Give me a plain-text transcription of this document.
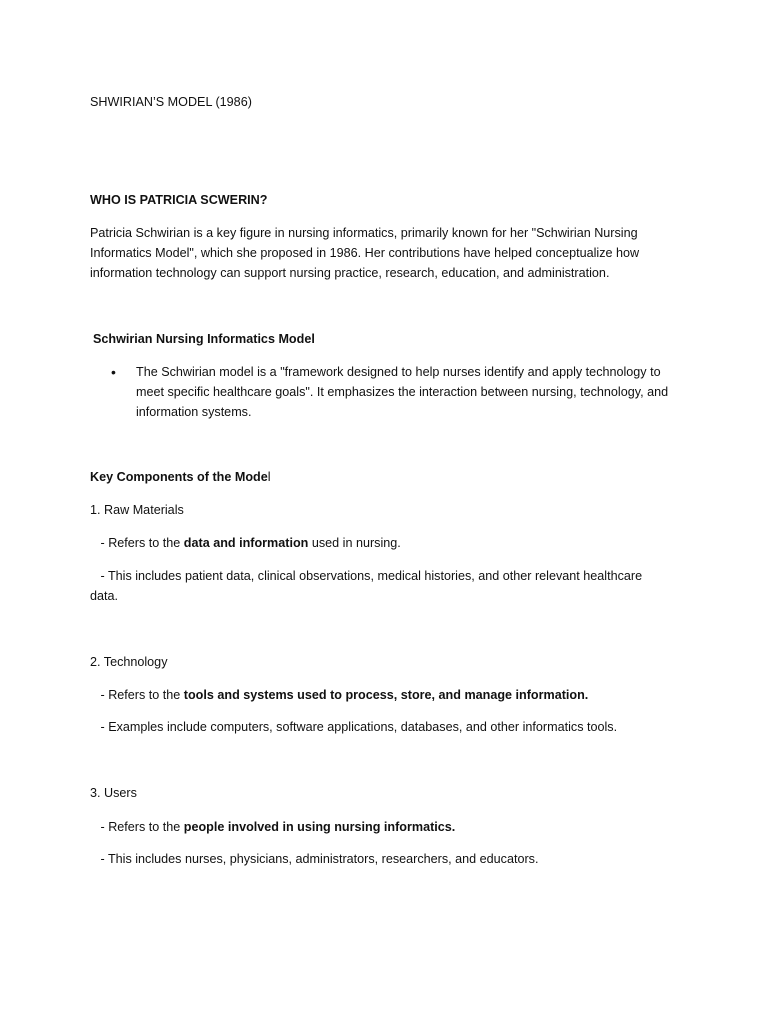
SHWIRIAN’S MODEL (1986)
WHO IS PATRICIA SCWERIN?
Patricia Schwirian is a key figure in nursing informatics, primarily known for her "Schwirian Nursing
Informatics Model", which she proposed in 1986. Her contributions have helped conceptualize how
information technology can support nursing practice, research, education, and administration.
Schwirian Nursing Informatics Model
• The Schwirian model is a "framework designed to help nurses identify and apply technology to
meet specific healthcare goals". It emphasizes the interaction between nursing, technology, and
information systems.
Key Components of the Model
1. Raw Materials
- Refers to the data and information used in nursing.
- This includes patient data, clinical observations, medical histories, and other relevant healthcare
data.
2. Technology
- Refers to the tools and systems used to process, store, and manage information.
- Examples include computers, software applications, databases, and other informatics tools.
3. Users
- Refers to the people involved in using nursing informatics.
- This includes nurses, physicians, administrators, researchers, and educators.
